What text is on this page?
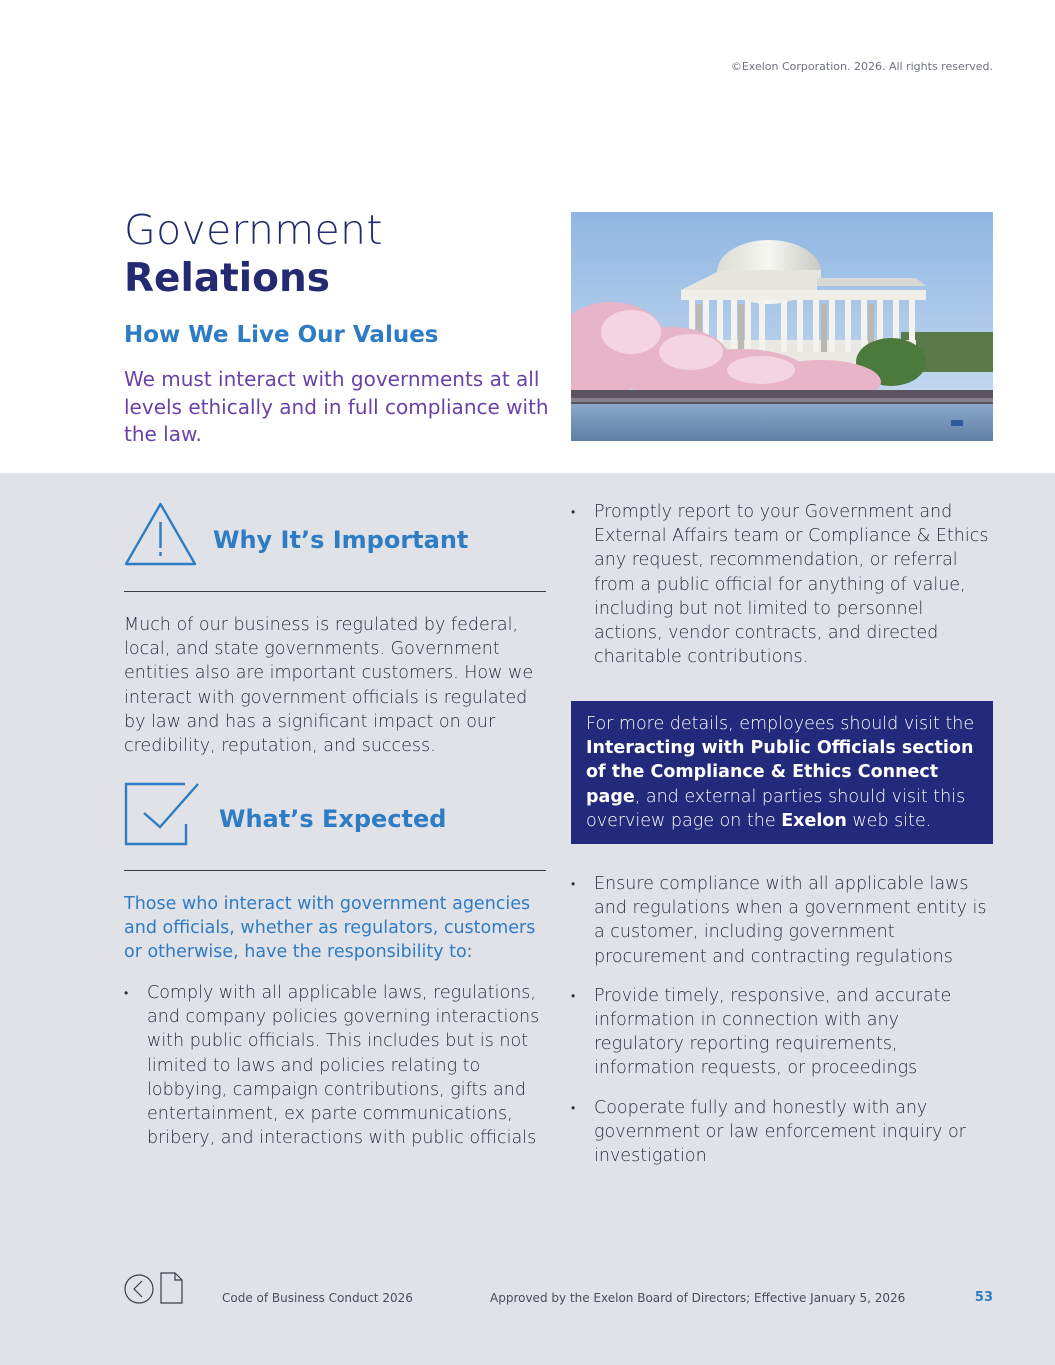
©Exelon Corporation. 2026. All rights reserved.
Government
Relations
How We Live Our Values
We must interact with governments at all levels ethically and in full compliance with the law.
Why It’s Important
Much of our business is regulated by federal, local, and state governments. Government entities also are important customers. How we interact with government officials is regulated by law and has a significant impact on our credibility, reputation, and success.
What’s Expected
Those who interact with government agencies and officials, whether as regulators, customers or otherwise, have the responsibility to:
• Comply with all applicable laws, regulations, and company policies governing interactions with public officials. This includes but is not limited to laws and policies relating to lobbying, campaign contributions, gifts and entertainment, ex parte communications, bribery, and interactions with public officials
• Promptly report to your Government and External Affairs team or Compliance & Ethics any request, recommendation, or referral from a public official for anything of value, including but not limited to personnel actions, vendor contracts, and directed charitable contributions.
For more details, employees should visit the Interacting with Public Officials section of the Compliance & Ethics Connect page, and external parties should visit this overview page on the Exelon web site.
• Ensure compliance with all applicable laws and regulations when a government entity is a customer, including government procurement and contracting regulations
• Provide timely, responsive, and accurate information in connection with any regulatory reporting requirements, information requests, or proceedings
• Cooperate fully and honestly with any government or law enforcement inquiry or investigation
Code of Business Conduct 2026	Approved by the Exelon Board of Directors; Effective January 5, 2026	53
